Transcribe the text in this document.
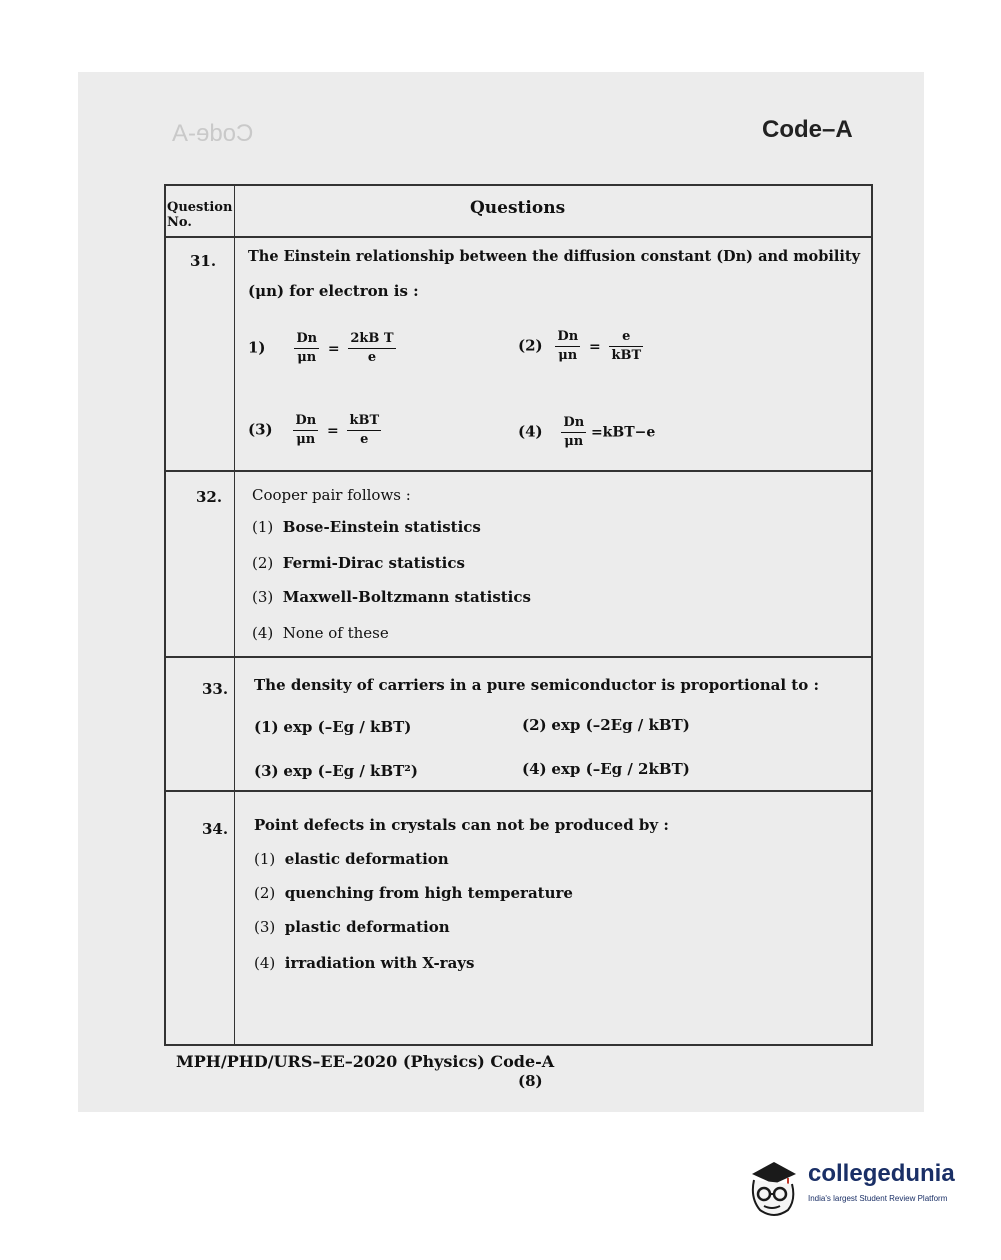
Code-A	Code–A
Question No.
Questions
31. The Einstein relationship between the diffusion constant (Dn) and mobility
(μn) for electron is :
$1) \frac{Dn}{\mu n} = \frac{\text{2kB T}}{e}$	$(2) \frac{Dn}{\mu n} = \frac{e}{\text{kBT}}$
$(3) \frac{Dn}{\mu n} = \frac{\text{kBT}}{e}$	$(4) \frac{Dn}{\mu n} =kBT-e$
32. Cooper pair follows :
(1) Bose-Einstein statistics
(2) Fermi-Dirac statistics
(3) Maxwell-Boltzmann statistics
(4) None of these
33. The density of carriers in a pure semiconductor is proportional to :
(1) exp (–Eg / kBT)	(2) exp (–2Eg / kBT)
(3) exp (–Eg / kBT²)	(4) exp (–Eg / 2kBT)
34. Point defects in crystals can not be produced by :
(1) elastic deformation
(2) quenching from high temperature
(3) plastic deformation
(4) irradiation with X-rays
MPH/PHD/URS–EE–2020 (Physics) Code-A
(8)
collegedunia
India's largest Student Review Platform
